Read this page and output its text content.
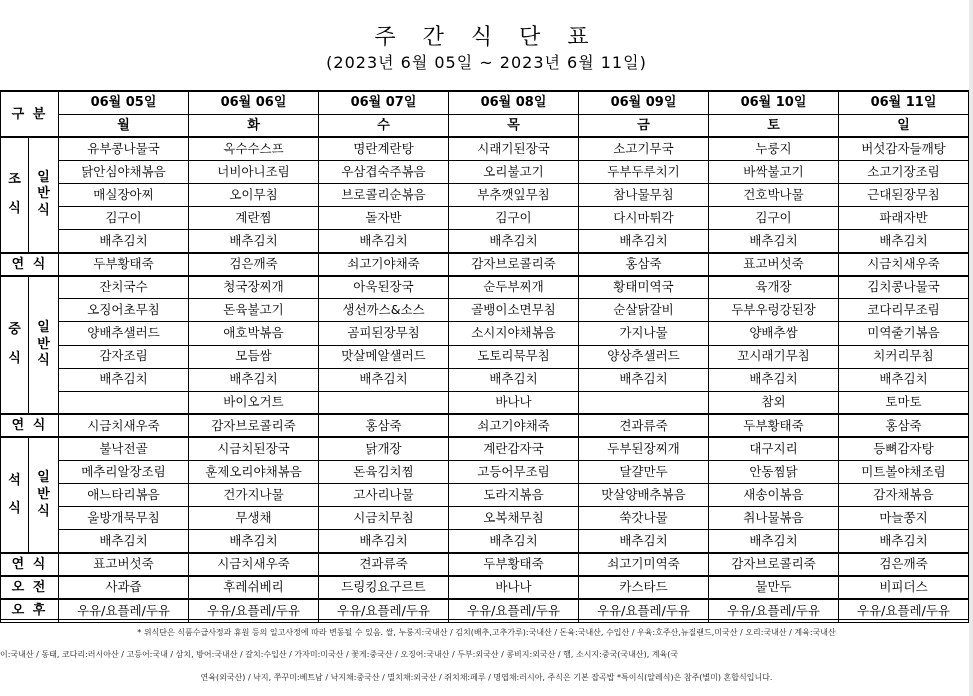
주 간 식 단 표
(2023년 6월 05일 ~ 2023년 6월 11일)
구 분		06월 05일	06월 06일	06월 07일	06월 08일	06월 09일	06월 10일	06월 11일
		월	화	수	목	금	토	일
조
식	일
반
식	유부콩나물국	옥수수스프	명란계란탕	시래기된장국	소고기무국	누룽지	버섯감자들깨탕
		닭안심야채볶음	너비아니조림	우삼겹숙주볶음	오리불고기	두부두루치기	바싹불고기	소고기장조림
		매실장아찌	오이무침	브로콜리순볶음	부추깻잎무침	참나물무침	건호박나물	근대된장무침
		김구이	계란찜	돌자반	김구이	다시마튀각	김구이	파래자반
		배추김치	배추김치	배추김치	배추김치	배추김치	배추김치	배추김치
연 식		두부황태죽	검은깨죽	쇠고기야채죽	감자브로콜리죽	홍삼죽	표고버섯죽	시금치새우죽
중
식	일
반
식	잔치국수	청국장찌개	아욱된장국	순두부찌개	황태미역국	육개장	김치콩나물국
		오징어초무침	돈육불고기	생선까스&소스	골뱅이소면무침	순살닭갈비	두부우렁강된장	코다리무조림
		양배추샐러드	애호박볶음	곰피된장무침	소시지야채볶음	가지나물	양배추쌈	미역줄기볶음
		감자조림	모듬쌈	맛살메알샐러드	도토리묵무침	양상추샐러드	꼬시래기무침	치커리무침
		배추김치	배추김치	배추김치	배추김치	배추김치	배추김치	배추김치
			바이오거트		바나나		참외	토마토
연 식		시금치새우죽	감자브로콜리죽	홍삼죽	쇠고기야채죽	견과류죽	두부황태죽	홍삼죽
석
식	일
반
식	불낙전골	시금치된장국	닭개장	계란감자국	두부된장찌개	대구지리	등뼈감자탕
		메추리알장조림	훈제오리야채볶음	돈육김치찜	고등어무조림	달걀만두	안동찜닭	미트볼야채조림
		애느타리볶음	건가지나물	고사리나물	도라지볶음	맛살양배추볶음	새송이볶음	감자채볶음
		울방개묵무침	무생채	시금치무침	오복채무침	쑥갓나물	취나물볶음	마늘쫑지
		배추김치	배추김치	배추김치	배추김치	배추김치	배추김치	배추김치
연 식		표고버섯죽	시금치새우죽	견과류죽	두부황태죽	쇠고기미역죽	감자브로콜리죽	검은깨죽
오 전		사과즙	후레쉬베리	드링킹요구르트	바나나	카스타드	물만두	비피더스
오 후		우유/요플레/두유	우유/요플레/두유	우유/요플레/두유	우유/요플레/두유	우유/요플레/두유	우유/요플레/두유	우유/요플레/두유
* 위식단은 식품수급사정과 휴원 등의 일고사정에 따라 변동될 수 있음. 쌀, 누룽지:국내산 / 김치(배추,고추가루):국내산 / 돈육:국내산, 수입산 / 우육:호주산,뉴질랜드,미국산 / 오리:국내산 / 계육:국내산
이:국내산 / 동태, 코다리:러시아산 / 고등어:국내 / 삼치, 방어:국내산 / 갈치:수입산 / 가자미:미국산 / 꽃게:중국산 / 오징어:국내산 / 두부:외국산 / 콩비지:외국산 / 햄, 소시지:중국(국내산), 계육(국
연육(외국산) / 낙지, 쭈꾸미:베트남 / 낙지채:중국산 / 멸치채:외국산 / 쥐치채:페루 / 명엽채:러시아, 주식은 기본 잡곡밥 *특이식(알레식)은 참주(별미) 혼합식입니다.
